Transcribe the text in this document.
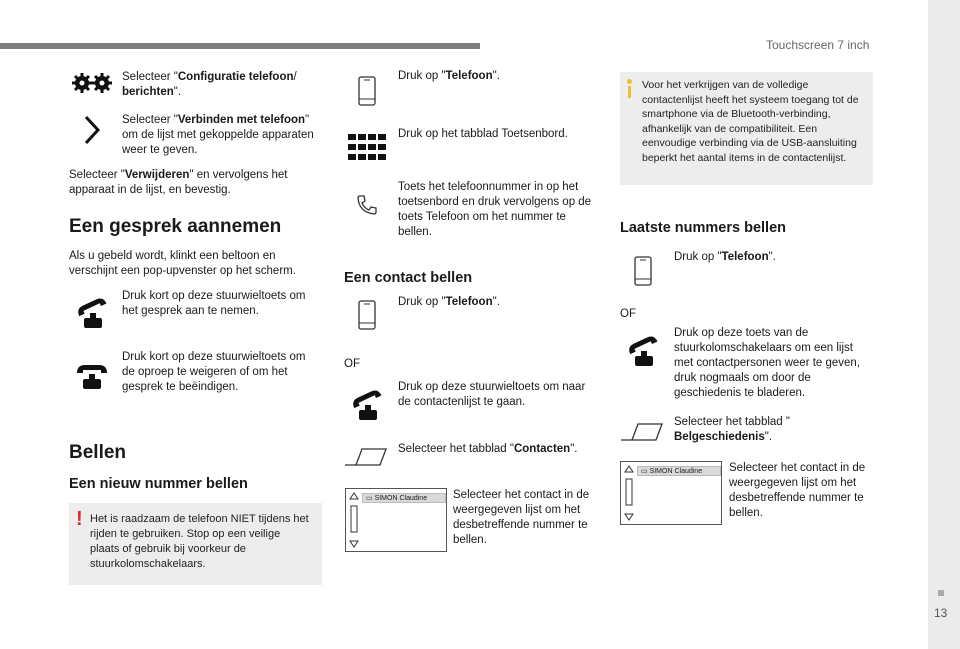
Touchscreen 7 inch
13
Selecteer "Configuratie telefoon/
berichten".
Selecteer "Verbinden met telefoon" om de lijst met gekoppelde apparaten weer te geven.
Selecteer "Verwijderen" en vervolgens het apparaat in de lijst, en bevestig.
Een gesprek aannemen
Als u gebeld wordt, klinkt een beltoon en verschijnt een pop-upvenster op het scherm.
Druk kort op deze stuurwieltoets om het gesprek aan te nemen.
Druk kort op deze stuurwieltoets om de oproep te weigeren of om het gesprek te beëindigen.
Bellen
Een nieuw nummer bellen
! Het is raadzaam de telefoon NIET tijdens het rijden te gebruiken. Stop op een veilige plaats of gebruik bij voorkeur de stuurkolomschakelaars.
Druk op "Telefoon".
Druk op het tabblad Toetsenbord.
Toets het telefoonnummer in op het toetsenbord en druk vervolgens op de toets Telefoon om het nummer te bellen.
Een contact bellen
Druk op "Telefoon".
OF
Druk op deze stuurwieltoets om naar de contactenlijst te gaan.
Selecteer het tabblad "Contacten".
▭ SIMON Claudine	Selecteer het contact in de weergegeven lijst om het desbetreffende nummer te bellen.
Voor het verkrijgen van de volledige contactenlijst heeft het systeem toegang tot de smartphone via de Bluetooth-verbinding, afhankelijk van de compatibiliteit. Een eenvoudige verbinding via de USB-aansluiting beperkt het aantal items in de contactenlijst.
Laatste nummers bellen
Druk op "Telefoon".
OF
Druk op deze toets van de stuurkolomschakelaars om een lijst met contactpersonen weer te geven, druk nogmaals om door de geschiedenis te bladeren.
Selecteer het tabblad "
Belgeschiedenis".
▭ SIMON Claudine	Selecteer het contact in de weergegeven lijst om het desbetreffende nummer te bellen.
